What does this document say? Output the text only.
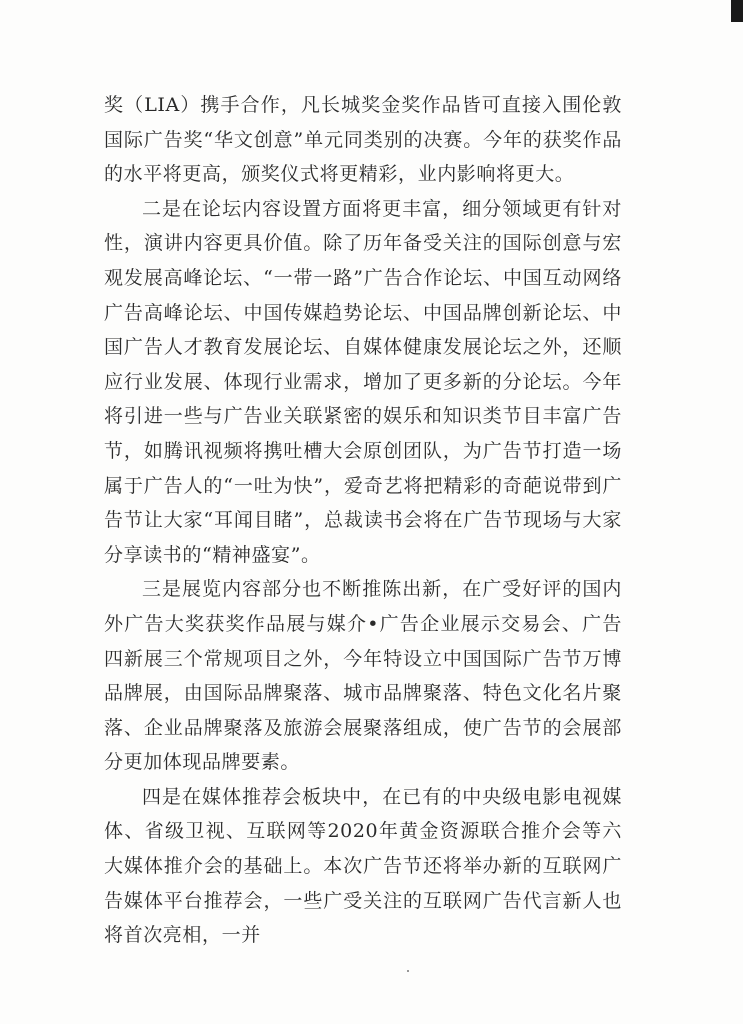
奖（LIA）携手合作，凡长城奖金奖作品皆可直接入围伦敦国际广告奖“华文创意”单元同类别的决赛。今年的获奖作品的水平将更高，颁奖仪式将更精彩，业内影响将更大。

二是在论坛内容设置方面将更丰富，细分领域更有针对性，演讲内容更具价值。除了历年备受关注的国际创意与宏观发展高峰论坛、“一带一路”广告合作论坛、中国互动网络广告高峰论坛、中国传媒趋势论坛、中国品牌创新论坛、中国广告人才教育发展论坛、自媒体健康发展论坛之外，还顺应行业发展、体现行业需求，增加了更多新的分论坛。今年将引进一些与广告业关联紧密的娱乐和知识类节目丰富广告节，如腾讯视频将携吐槽大会原创团队，为广告节打造一场属于广告人的“一吐为快”，爱奇艺将把精彩的奇葩说带到广告节让大家“耳闻目睹”，总裁读书会将在广告节现场与大家分享读书的“精神盛宴”。

三是展览内容部分也不断推陈出新，在广受好评的国内外广告大奖获奖作品展与媒介•广告企业展示交易会、广告四新展三个常规项目之外，今年特设立中国国际广告节万博品牌展，由国际品牌聚落、城市品牌聚落、特色文化名片聚落、企业品牌聚落及旅游会展聚落组成，使广告节的会展部分更加体现品牌要素。

四是在媒体推荐会板块中，在已有的中央级电影电视媒体、省级卫视、互联网等2020年黄金资源联合推介会等六大媒体推介会的基础上。本次广告节还将举办新的互联网广告媒体平台推荐会，一些广受关注的互联网广告代言新人也将首次亮相，一并
